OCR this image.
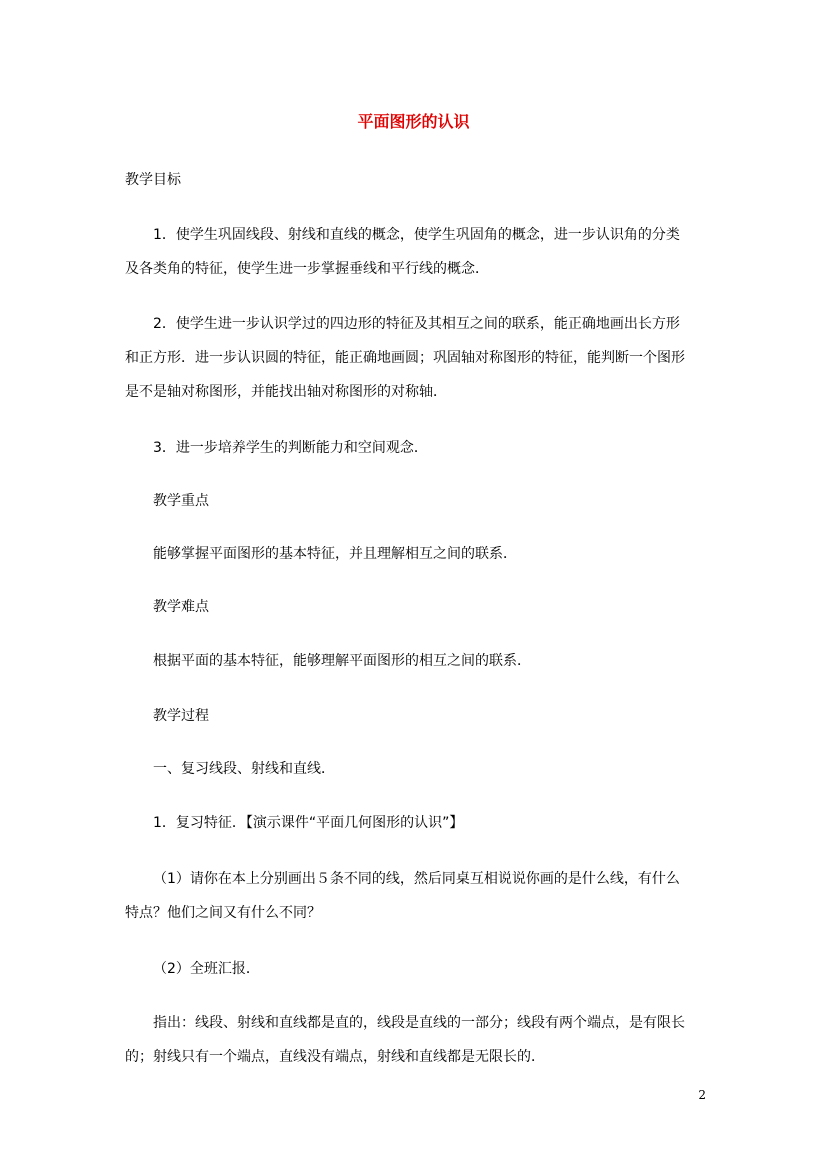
平面图形的认识
教学目标
1．使学生巩固线段、射线和直线的概念，使学生巩固角的概念，进一步认识角的分类
及各类角的特征，使学生进一步掌握垂线和平行线的概念．
2．使学生进一步认识学过的四边形的特征及其相互之间的联系，能正确地画出长方形
和正方形．进一步认识圆的特征，能正确地画圆；巩固轴对称图形的特征，能判断一个图形
是不是轴对称图形，并能找出轴对称图形的对称轴．
3．进一步培养学生的判断能力和空间观念．
教学重点
能够掌握平面图形的基本特征，并且理解相互之间的联系．
教学难点
根据平面的基本特征，能够理解平面图形的相互之间的联系．
教学过程
一、复习线段、射线和直线．
1．复习特征．【演示课件“平面几何图形的认识”】
（1）请你在本上分别画出５条不同的线，然后同桌互相说说你画的是什么线，有什么
特点？他们之间又有什么不同？
（2）全班汇报．
指出：线段、射线和直线都是直的，线段是直线的一部分；线段有两个端点，是有限长
的；射线只有一个端点，直线没有端点，射线和直线都是无限长的．
2
